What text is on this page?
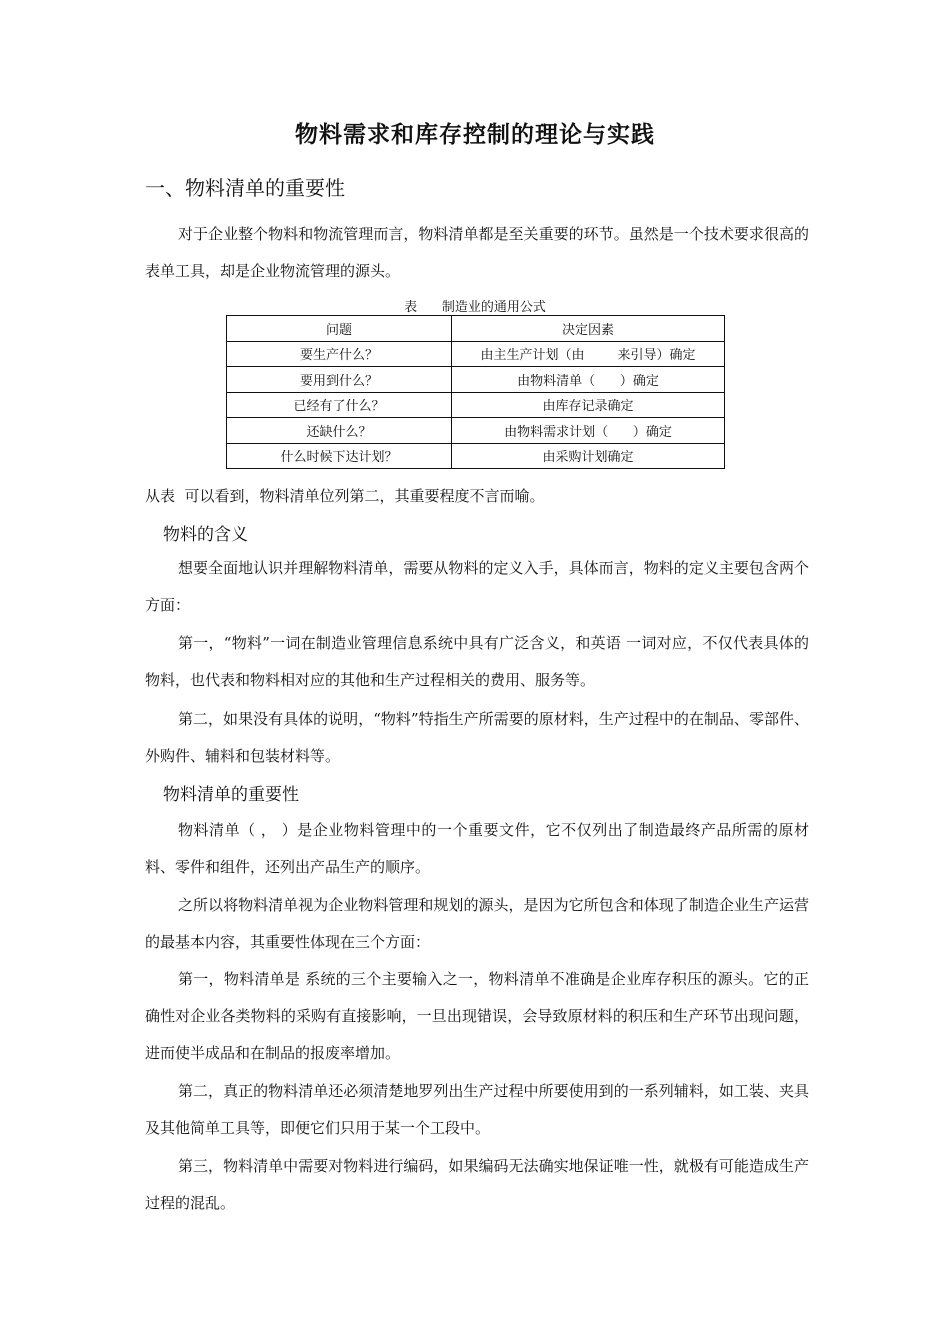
物料需求和库存控制的理论与实践
一、物料清单的重要性

对于企业整个物料和物流管理而言，物料清单都是至关重要的环节。虽然是一个技术要求很高的表单工具，却是企业物流管理的源头。

表      制造业的通用公式
问题	决定因素
要生产什么？	由主生产计划（由        来引导）确定
要用到什么？	由物料清单（      ）确定
已经有了什么？	由库存记录确定
还缺什么？	由物料需求计划（      ）确定
什么时候下达计划？	由采购计划确定
从表  可以看到，物料清单位列第二，其重要程度不言而喻。
物料的含义

想要全面地认识并理解物料清单，需要从物料的定义入手，具体而言，物料的定义主要包含两个方面：

第一，“物料”一词在制造业管理信息系统中具有广泛含义，和英语 一词对应，不仅代表具体的物料，也代表和物料相对应的其他和生产过程相关的费用、服务等。

第二，如果没有具体的说明，“物料”特指生产所需要的原材料，生产过程中的在制品、零部件、外购件、辅料和包装材料等。

物料清单的重要性

物料清单（ ， ）是企业物料管理中的一个重要文件，它不仅列出了制造最终产品所需的原材料、零件和组件，还列出产品生产的顺序。

之所以将物料清单视为企业物料管理和规划的源头，是因为它所包含和体现了制造企业生产运营的最基本内容，其重要性体现在三个方面：

第一，物料清单是 系统的三个主要输入之一，物料清单不准确是企业库存积压的源头。它的正确性对企业各类物料的采购有直接影响，一旦出现错误，会导致原材料的积压和生产环节出现问题，进而使半成品和在制品的报废率增加。

第二，真正的物料清单还必须清楚地罗列出生产过程中所要使用到的一系列辅料，如工装、夹具及其他简单工具等，即便它们只用于某一个工段中。

第三，物料清单中需要对物料进行编码，如果编码无法确实地保证唯一性，就极有可能造成生产过程的混乱。
